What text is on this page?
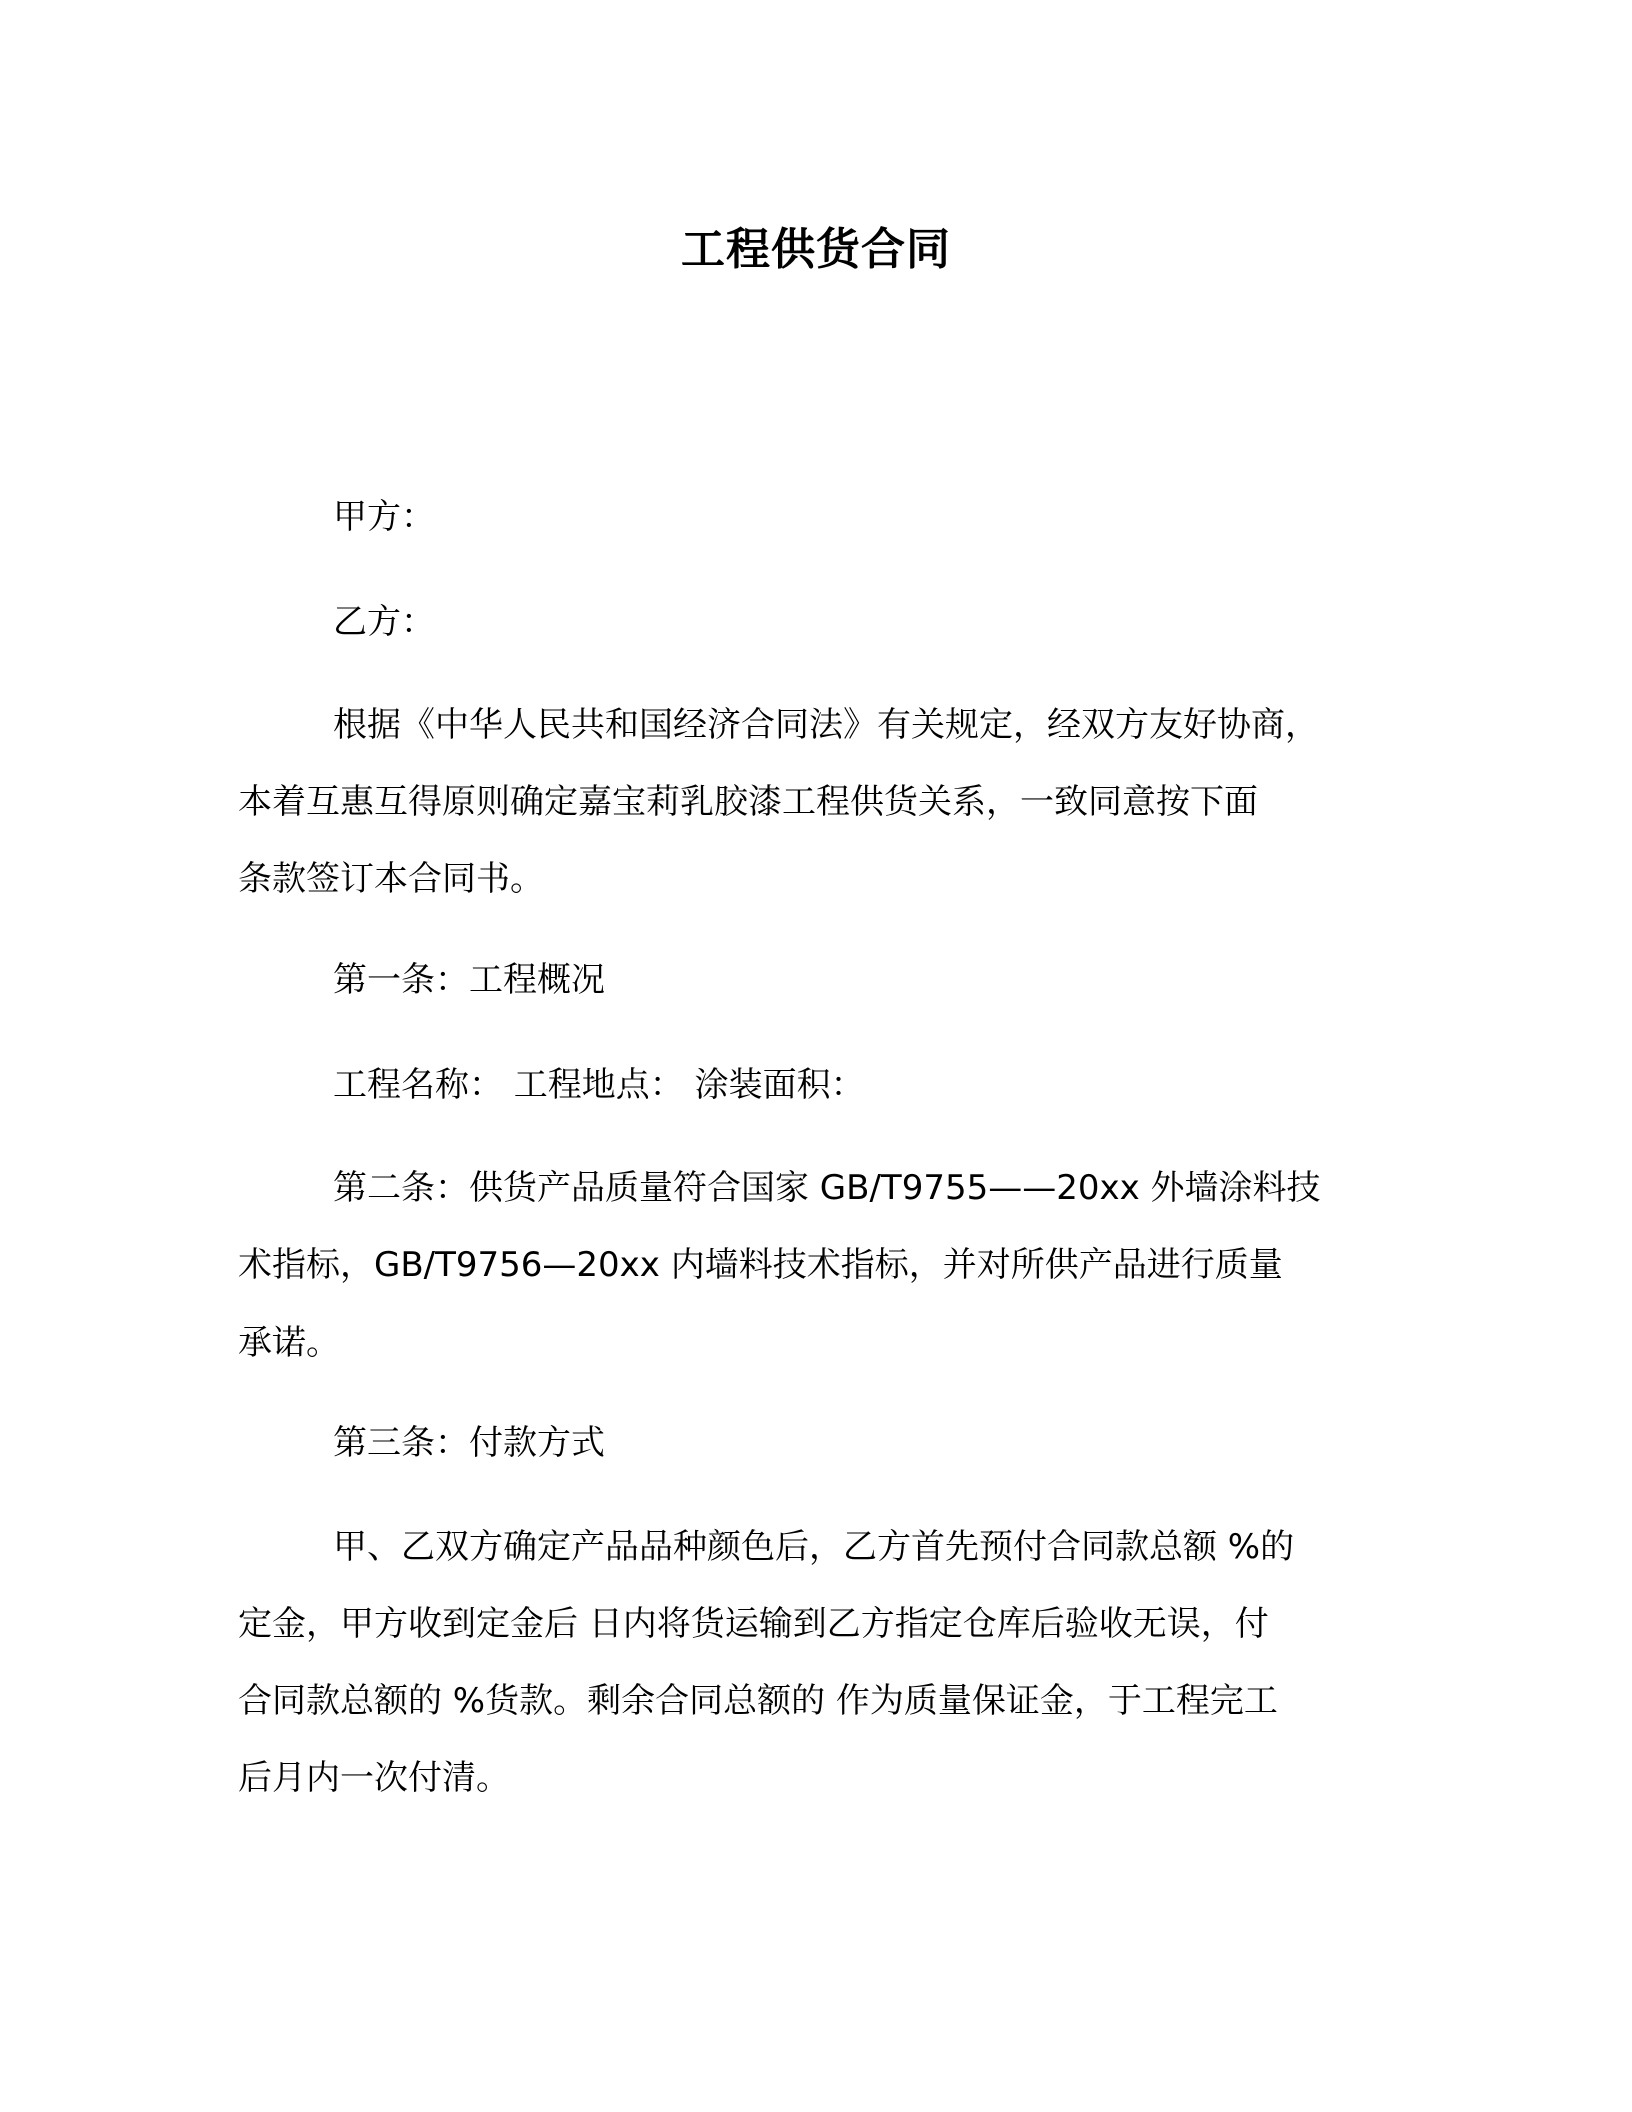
工程供货合同
甲方：
乙方：
根据《中华人民共和国经济合同法》有关规定，经双方友好协商，
本着互惠互得原则确定嘉宝莉乳胶漆工程供货关系，一致同意按下面
条款签订本合同书。
第一条：工程概况
工程名称： 工程地点： 涂装面积：
第二条：供货产品质量符合国家 GB/T9755——20xx 外墙涂料技
术指标，GB/T9756—20xx 内墙料技术指标，并对所供产品进行质量
承诺。
第三条：付款方式
甲、乙双方确定产品品种颜色后，乙方首先预付合同款总额 %的
定金，甲方收到定金后 日内将货运输到乙方指定仓库后验收无误，付
合同款总额的 %货款。剩余合同总额的 作为质量保证金，于工程完工
后月内一次付清。
